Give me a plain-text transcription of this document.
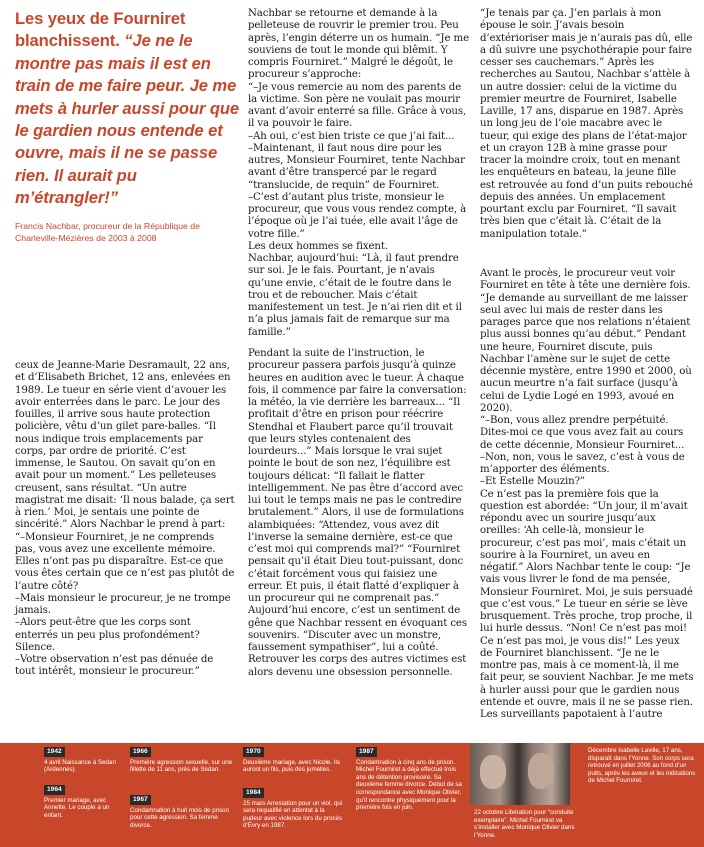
Les yeux de Fourniret blanchissent. “Je ne le montre pas mais il est en train de me faire peur. Je me mets à hurler aussi pour que le gardien nous entende et ouvre, mais il ne se passe rien. Il aurait pu m’étrangler!”
Francis Nachbar, procureur de la République de Charleville-Mézières de 2003 à 2008

ceux de Jeanne-Marie Desramault, 22 ans, et d’Elisabeth Brichet, 12 ans, enlevées en 1989. Le tueur en série vient d’avouer les avoir enterrées dans le parc. Le jour des fouilles, il arrive sous haute protection policière, vêtu d’un gilet pare-balles. “Il nous indique trois emplacements par corps, par ordre de priorité. C’est immense, le Sautou. On savait qu’on en avait pour un moment.” Les pelleteuses creusent, sans résultat. “Un autre magistrat me disait: ‘Il nous balade, ça sert à rien.’ Moi, je sentais une pointe de sincérité.” Alors Nachbar le prend à part:

“–Monsieur Fourniret, je ne comprends pas, vous avez une excellente mémoire. Elles n’ont pas pu disparaître. Est-ce que vous êtes certain que ce n’est pas plutôt de l’autre côté?

–Mais monsieur le procureur, je ne trompe jamais.

–Alors peut-être que les corps sont enterrés un peu plus profondément?

Silence.

–Votre observation n’est pas dénuée de tout intérêt, monsieur le procureur.”

Nachbar se retourne et demande à la pelleteuse de rouvrir le premier trou. Peu après, l’engin déterre un os humain. “Je me souviens de tout le monde qui blêmit. Y compris Fourniret.” Malgré le dégoût, le procureur s’approche:

“–Je vous remercie au nom des parents de la victime. Son père ne voulait pas mourir avant d’avoir enterré sa fille. Grâce à vous, il va pouvoir le faire.

–Ah oui, c’est bien triste ce que j’ai fait...

–Maintenant, il faut nous dire pour les autres, Monsieur Fourniret, tente Nachbar avant d’être transpercé par le regard “translucide, de requin” de Fourniret.

–C’est d’autant plus triste, monsieur le procureur, que vous vous rendez compte, à l’époque où je l’ai tuée, elle avait l’âge de votre fille.”

Les deux hommes se fixent.

Nachbar, aujourd’hui: “Là, il faut prendre sur soi. Je le fais. Pourtant, je n’avais qu’une envie, c’était de le foutre dans le trou et de reboucher. Mais c’était manifestement un test. Je n’ai rien dit et il n’a plus jamais fait de remarque sur ma famille.”

Pendant la suite de l’instruction, le procureur passera parfois jusqu’à quinze heures en audition avec le tueur. À chaque fois, il commence par faire la conversation: la météo, la vie derrière les barreaux... “Il profitait d’être en prison pour réécrire Stendhal et Flaubert parce qu’il trouvait que leurs styles contenaient des lourdeurs...” Mais lorsque le vrai sujet pointe le bout de son nez, l’équilibre est toujours délicat: “Il fallait le flatter intelligemment. Ne pas être d’accord avec lui tout le temps mais ne pas le contredire brutalement.” Alors, il use de formulations alambiquées: “Attendez, vous avez dit l’inverse la semaine dernière, est-ce que c’est moi qui comprends mal?” “Fourniret pensait qu’il était Dieu tout-puissant, donc c’était forcément vous qui faisiez une erreur. Et puis, il était flatté d’expliquer à un procureur qui ne comprenait pas.” Aujourd’hui encore, c’est un sentiment de gêne que Nachbar ressent en évoquant ces souvenirs. “Discuter avec un monstre, faussement sympathiser”, lui a coûté. Retrouver les corps des autres victimes est alors devenu une obsession personnelle.

“Je tenais par ça. J’en parlais à mon épouse le soir. J’avais besoin d’extérioriser mais je n’aurais pas dû, elle a dû suivre une psychothérapie pour faire cesser ses cauchemars.” Après les recherches au Sautou, Nachbar s’attèle à un autre dossier: celui de la victime du premier meurtre de Fourniret, Isabelle Laville, 17 ans, disparue en 1987. Après un long jeu de l’oie macabre avec le tueur, qui exige des plans de l’état-major et un crayon 12B à mine grasse pour tracer la moindre croix, tout en menant les enquêteurs en bateau, la jeune fille est retrouvée au fond d’un puits rebouché depuis des années. Un emplacement pourtant exclu par Fourniret. “Il savait très bien que c’était là. C’était de la manipulation totale.”

Avant le procès, le procureur veut voir Fourniret en tête à tête une dernière fois. “Je demande au surveillant de me laisser seul avec lui mais de rester dans les parages parce que nos relations n’étaient plus aussi bonnes qu’au début.” Pendant une heure, Fourniret discute, puis Nachbar l’amène sur le sujet de cette décennie mystère, entre 1990 et 2000, où aucun meurtre n’a fait surface (jusqu’à celui de Lydie Logé en 1993, avoué en 2020).

“–Bon, vous allez prendre perpétuité. Dites-moi ce que vous avez fait au cours de cette décennie, Monsieur Fourniret...

–Non, non, vous le savez, c’est à vous de m’apporter des éléments.

–Et Estelle Mouzin?”

Ce n’est pas la première fois que la question est abordée: “Un jour, il m’avait répondu avec un sourire jusqu’aux oreilles: ‘Ah celle-là, monsieur le procureur, c’est pas moi’, mais c’était un sourire à la Fourniret, un aveu en négatif.” Alors Nachbar tente le coup: “Je vais vous livrer le fond de ma pensée, Monsieur Fourniret. Moi, je suis persuadé que c’est vous.” Le tueur en série se lève brusquement. Très proche, trop proche, il lui hurle dessus. “Non! Ce n’est pas moi! Ce n’est pas moi, je vous dis!” Les yeux de Fourniret blanchissent. “Je ne le montre pas, mais à ce moment-là, il me fait peur, se souvient Nachbar. Je me mets à hurler aussi pour que le gardien nous entende et ouvre, mais il ne se passe rien. Les surveillants papotaient à l’autre

1942
4 avril Naissance à Sedan (Ardennes).
1964
Premier mariage, avec Annette. Le couple a un enfant.
1966
Première agression sexuelle, sur une fillette de 11 ans, près de Sedan.
1967
Condamnation à huit mois de prison pour cette agression. Sa femme divorce.
1970
Deuxième mariage, avec Nicole. Ils auront un fils, puis des jumelles.
1984
25 mars Arrestation pour un viol, qui sera requalifié en attentat à la pudeur avec violence lors du procès d’Évry en 1987.
1987
Condamnation à cinq ans de prison. Michel Fourniret a déjà effectué trois ans de détention provisoire. Sa deuxième femme divorce. Début de sa correspondance avec Monique Olivier, qu’il rencontre physiquement pour la première fois en juin.
22 octobre Libération pour “conduite exemplaire”. Michel Fourniret va s’installer avec Monique Olivier dans l’Yonne.
Décembre Isabelle Laville, 17 ans, disparaît dans l’Yonne. Son corps sera retrouvé en juillet 2006 au fond d’un puits, après les aveux et les indications de Michel Fourniret.
